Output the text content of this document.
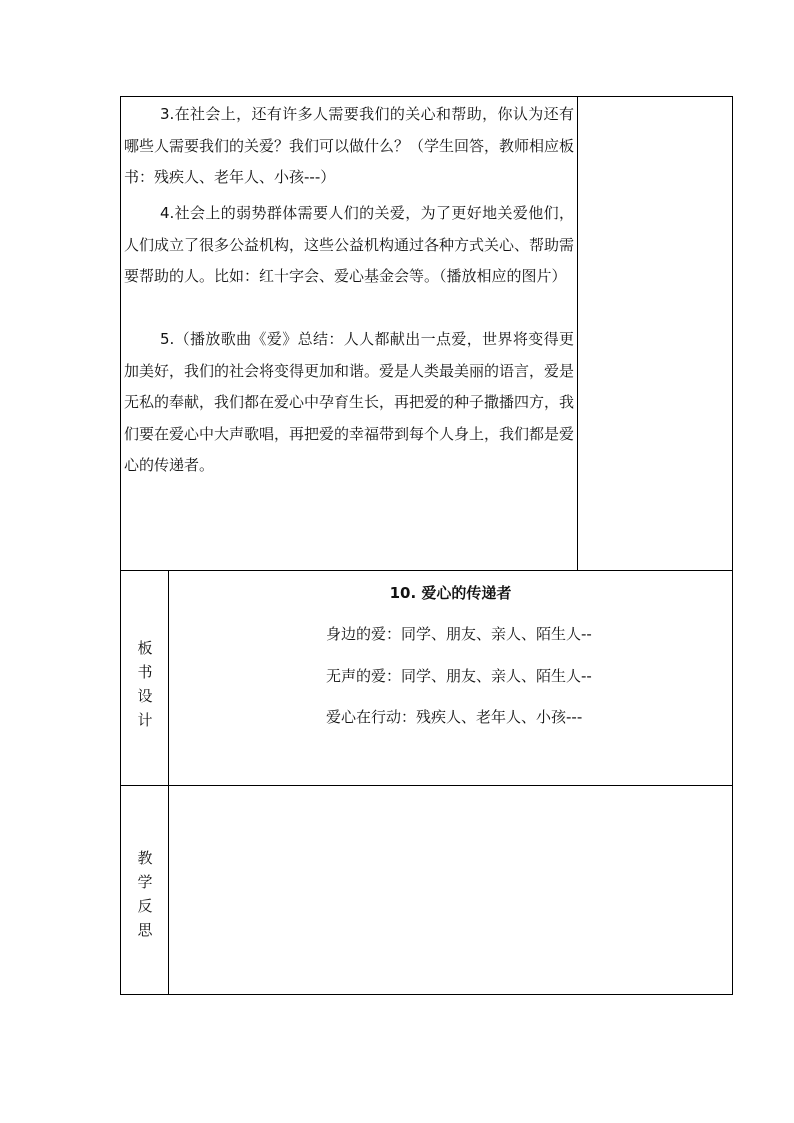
3.在社会上，还有许多人需要我们的关心和帮助，你认为还有哪些人需要我们的关爱？我们可以做什么？（学生回答，教师相应板书：残疾人、老年人、小孩---）
4.社会上的弱势群体需要人们的关爱，为了更好地关爱他们，人们成立了很多公益机构，这些公益机构通过各种方式关心、帮助需要帮助的人。比如：红十字会、爱心基金会等。（播放相应的图片）
5.（播放歌曲《爱》总结：人人都献出一点爱，世界将变得更加美好，我们的社会将变得更加和谐。爱是人类最美丽的语言，爱是无私的奉献，我们都在爱心中孕育生长，再把爱的种子撒播四方，我们要在爱心中大声歌唱，再把爱的幸福带到每个人身上，我们都是爱心的传递者。
板
书
设
计
10. 爱心的传递者
身边的爱：同学、朋友、亲人、陌生人--
无声的爱：同学、朋友、亲人、陌生人--
爱心在行动：残疾人、老年人、小孩---
教
学
反
思
